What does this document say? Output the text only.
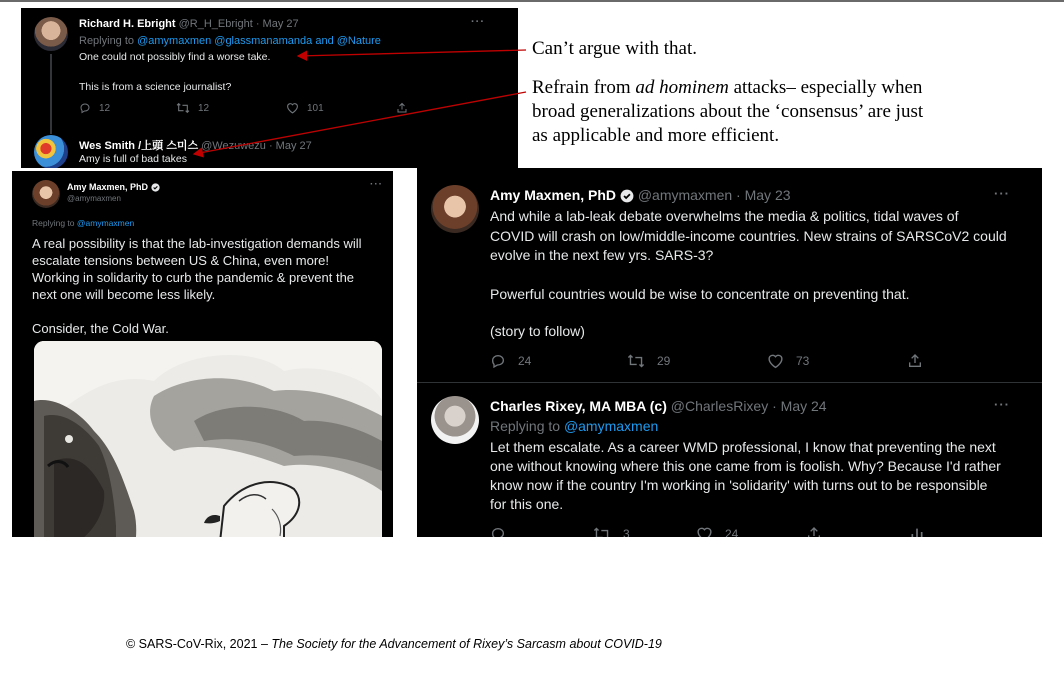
Richard H. Ebright @R_H_Ebright · May 27	···
Replying to @amymaxmen @glassmanamanda and @Nature
One could not possibly find a worse take.
This is from a science journalist?
12	12	101
Wes Smith /上頭 스미스 @Wezuwezu · May 27
Amy is full of bad takes
Can’t argue with that.
Refrain from ad hominem attacks– especially when
broad generalizations about the ‘consensus’ are just
as applicable and more efficient.
Amy Maxmen, PhD
@amymaxmen
···
Replying to @amymaxmen
A real possibility is that the lab-investigation demands will
escalate tensions between US & China, even more!
Working in solidarity to curb the pandemic & prevent the
next one will become less likely.
Consider, the Cold War.
Amy Maxmen, PhD @amymaxmen · May 23	···
And while a lab-leak debate overwhelms the media & politics, tidal waves of
COVID will crash on low/middle-income countries. New strains of SARSCoV2 could
evolve in the next few yrs. SARS-3?
Powerful countries would be wise to concentrate on preventing that.
(story to follow)
24	29	73
Charles Rixey, MA MBA (c) @CharlesRixey · May 24	···
Replying to @amymaxmen
Let them escalate. As a career WMD professional, I know that preventing the next
one without knowing where this one came from is foolish. Why? Because I'd rather
know now if the country I'm working in 'solidarity' with turns out to be responsible
for this one.
3	24
© SARS-CoV-Rix, 2021 – The Society for the Advancement of Rixey’s Sarcasm about COVID-19
